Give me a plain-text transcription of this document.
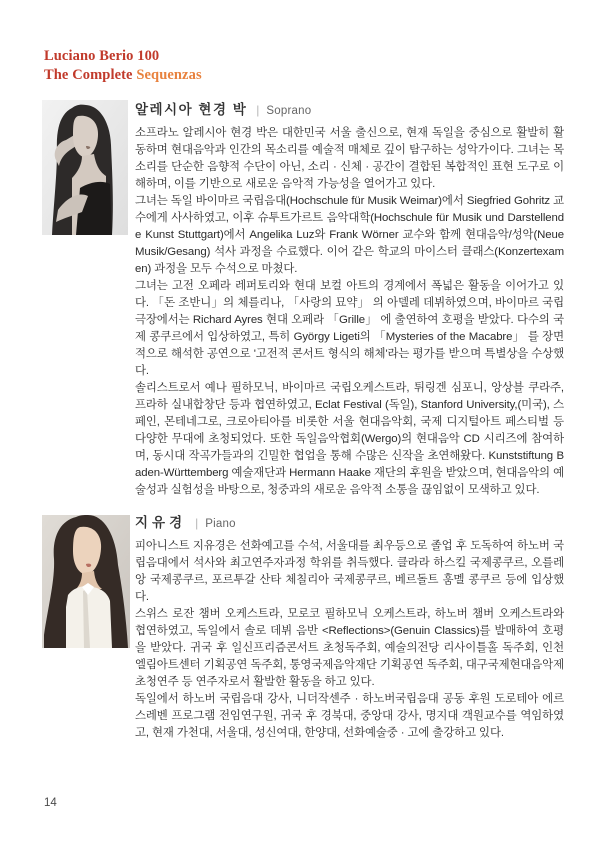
Luciano Berio 100
The Complete Sequenzas
알레시아 현경 박 | Soprano

소프라노 알레시아 현경 박은 대한민국 서울 출신으로, 현재 독일을 중심으로 활발히 활동하며 현대음악과 인간의 목소리를 예술적 매체로 깊이 탐구하는 성악가이다. 그녀는 목소리를 단순한 음향적 수단이 아닌, 소리 · 신체 · 공간이 결합된 복합적인 표현 도구로 이해하며, 이를 기반으로 새로운 음악적 가능성을 열어가고 있다.

그녀는 독일 바이마르 국립음대(Hochschule für Musik Weimar)에서 Siegfried Gohritz 교수에게 사사하였고, 이후 슈투트가르트 음악대학(Hochschule für Musik und Darstellende Kunst Stuttgart)에서 Angelika Luz와 Frank Wörner 교수와 함께 현대음악/성악(Neue Musik/Gesang) 석사 과정을 수료했다. 이어 같은 학교의 마이스터 클래스(Konzertexamen) 과정을 모두 수석으로 마쳤다.

그녀는 고전 오페라 레퍼토리와 현대 보컬 아트의 경계에서 폭넓은 활동을 이어가고 있다. 「돈 조반니」의 체를리나, 「사랑의 묘약」 의 아델레 데뷔하였으며, 바이마르 국립극장에서는 Richard Ayres 현대 오페라 「Grille」 에 출연하여 호평을 받았다. 다수의 국제 콩쿠르에서 입상하였고, 특히 György Ligeti의 「Mysteries of the Macabre」 를 장면적으로 해석한 공연으로 '고전적 콘서트 형식의 해체'라는 평가를 받으며 특별상을 수상했다.

솔리스트로서 예나 필하모닉, 바이마르 국립오케스트라, 튀링겐 심포니, 앙상블 쿠라주, 프라하 실내합창단 등과 협연하였고, Eclat Festival (독일), Stanford University,(미국), 스페인, 몬테네그로, 크로아티아를 비롯한 서울 현대음악회, 국제 디지털아트 페스티벌 등 다양한 무대에 초청되었다. 또한 독일음악협회(Wergo)의 현대음악 CD 시리즈에 참여하며, 동시대 작곡가들과의 긴밀한 협업을 통해 수많은 신작을 초연해왔다. Kunststiftung Baden-Württemberg 예술재단과 Hermann Haake 재단의 후원을 받았으며, 현대음악의 예술성과 실험성을 바탕으로, 청중과의 새로운 음악적 소통을 끊임없이 모색하고 있다.

지유경 | Piano

피아니스트 지유경은 선화예고를 수석, 서울대를 최우등으로 졸업 후 도독하여 하노버 국립음대에서 석사와 최고연주자과정 학위를 취득했다. 클라라 하스킬 국제콩쿠르, 오를레앙 국제콩쿠르, 포르투갈 산타 체칠리아 국제콩쿠르, 베르돌트 훔멜 콩쿠르 등에 입상했다.

스위스 로잔 챔버 오케스트라, 모로코 필하모닉 오케스트라, 하노버 챔버 오케스트라와 협연하였고, 독일에서 솔로 데뷔 음반 <Reflections>(Genuin Classics)를 발매하여 호평을 받았다. 귀국 후 일신프리즘콘서트 초청독주회, 예술의전당 리사이틀홀 독주회, 인천 엘림아트센터 기획공연 독주회, 통영국제음악재단 기획공연 독주회, 대구국제현대음악제 초청연주 등 연주자로서 활발한 활동을 하고 있다.

독일에서 하노버 국립음대 강사, 니더작센주 · 하노버국립음대 공동 후원 도로테아 에르스레벤 프로그램 전임연구원, 귀국 후 경북대, 중앙대 강사, 명지대 객원교수를 역임하였고, 현재 가천대, 서울대, 성신여대, 한양대, 선화예술중 · 고에 출강하고 있다.

14
